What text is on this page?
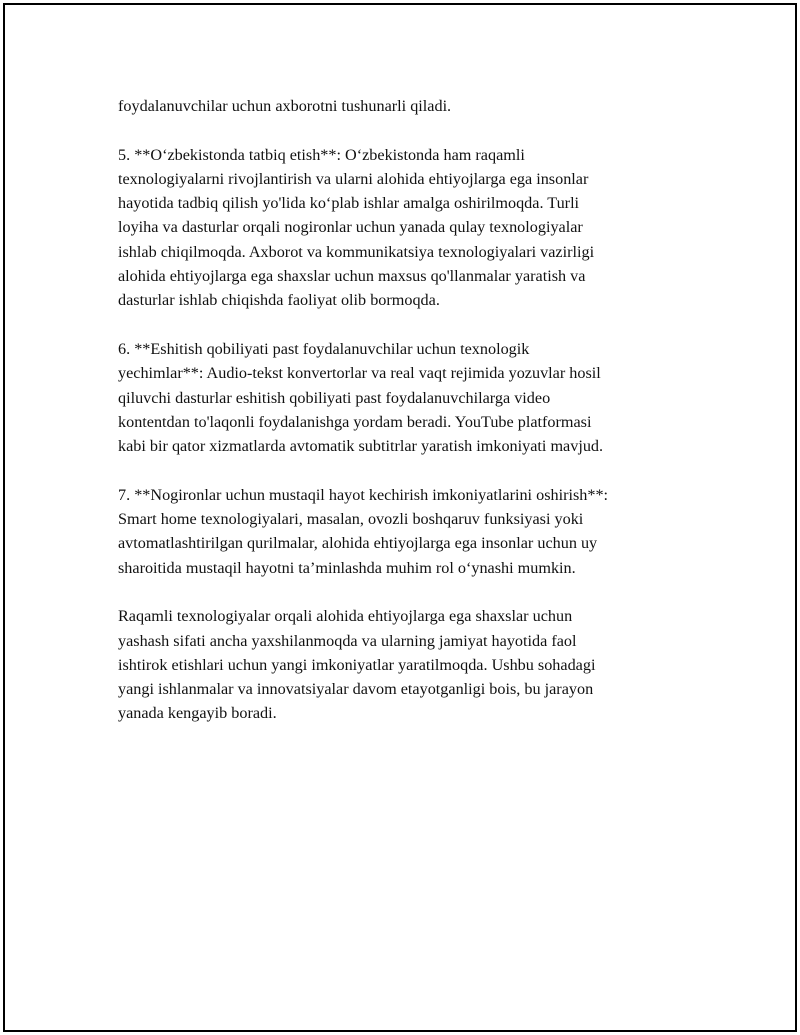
foydalanuvchilar uchun axborotni tushunarli qiladi.

5. **O‘zbekistonda tatbiq etish**: O‘zbekistonda ham raqamli
texnologiyalarni rivojlantirish va ularni alohida ehtiyojlarga ega insonlar
hayotida tadbiq qilish yo'lida ko‘plab ishlar amalga oshirilmoqda. Turli
loyiha va dasturlar orqali nogironlar uchun yanada qulay texnologiyalar
ishlab chiqilmoqda. Axborot va kommunikatsiya texnologiyalari vazirligi
alohida ehtiyojlarga ega shaxslar uchun maxsus qo'llanmalar yaratish va
dasturlar ishlab chiqishda faoliyat olib bormoqda.

6. **Eshitish qobiliyati past foydalanuvchilar uchun texnologik
yechimlar**: Audio-tekst konvertorlar va real vaqt rejimida yozuvlar hosil
qiluvchi dasturlar eshitish qobiliyati past foydalanuvchilarga video
kontentdan to'laqonli foydalanishga yordam beradi. YouTube platformasi
kabi bir qator xizmatlarda avtomatik subtitrlar yaratish imkoniyati mavjud.

7. **Nogironlar uchun mustaqil hayot kechirish imkoniyatlarini oshirish**:
Smart home texnologiyalari, masalan, ovozli boshqaruv funksiyasi yoki
avtomatlashtirilgan qurilmalar, alohida ehtiyojlarga ega insonlar uchun uy
sharoitida mustaqil hayotni ta’minlashda muhim rol o‘ynashi mumkin.

Raqamli texnologiyalar orqali alohida ehtiyojlarga ega shaxslar uchun
yashash sifati ancha yaxshilanmoqda va ularning jamiyat hayotida faol
ishtirok etishlari uchun yangi imkoniyatlar yaratilmoqda. Ushbu sohadagi
yangi ishlanmalar va innovatsiyalar davom etayotganligi bois, bu jarayon
yanada kengayib boradi.
